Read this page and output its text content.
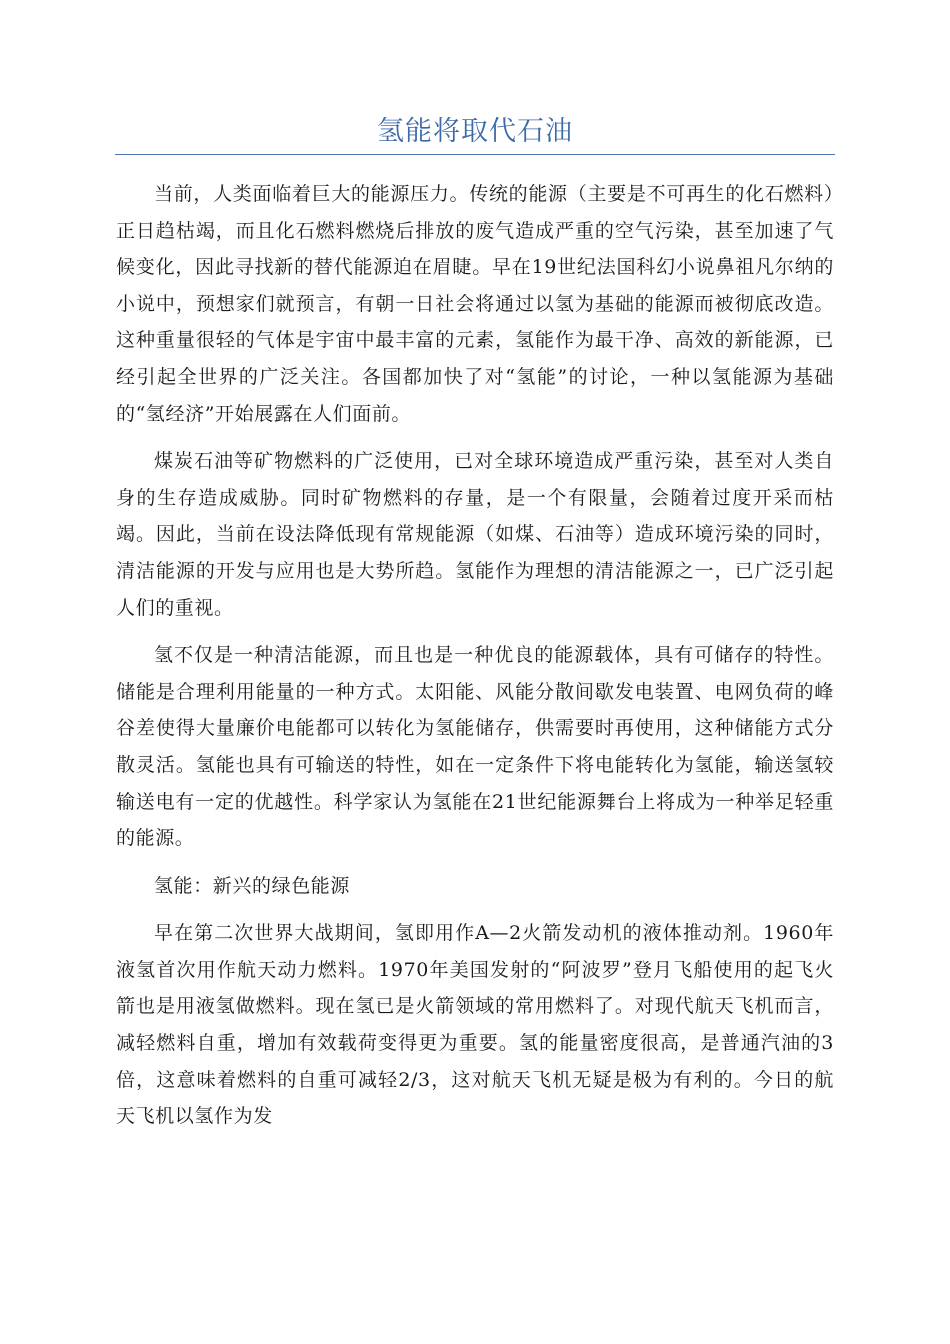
氢能将取代石油

当前，人类面临着巨大的能源压力。传统的能源（主要是不可再生的化石燃料）正日趋枯竭，而且化石燃料燃烧后排放的废气造成严重的空气污染，甚至加速了气候变化，因此寻找新的替代能源迫在眉睫。早在19世纪法国科幻小说鼻祖凡尔纳的小说中，预想家们就预言，有朝一日社会将通过以氢为基础的能源而被彻底改造。这种重量很轻的气体是宇宙中最丰富的元素，氢能作为最干净、高效的新能源，已经引起全世界的广泛关注。各国都加快了对“氢能”的讨论，一种以氢能源为基础的“氢经济”开始展露在人们面前。

煤炭石油等矿物燃料的广泛使用，已对全球环境造成严重污染，甚至对人类自身的生存造成威胁。同时矿物燃料的存量，是一个有限量，会随着过度开采而枯竭。因此，当前在设法降低现有常规能源（如煤、石油等）造成环境污染的同时，清洁能源的开发与应用也是大势所趋。氢能作为理想的清洁能源之一，已广泛引起人们的重视。

氢不仅是一种清洁能源，而且也是一种优良的能源载体，具有可储存的特性。储能是合理利用能量的一种方式。太阳能、风能分散间歇发电装置、电网负荷的峰谷差使得大量廉价电能都可以转化为氢能储存，供需要时再使用，这种储能方式分散灵活。氢能也具有可输送的特性，如在一定条件下将电能转化为氢能，输送氢较输送电有一定的优越性。科学家认为氢能在21世纪能源舞台上将成为一种举足轻重的能源。

氢能：新兴的绿色能源

早在第二次世界大战期间，氢即用作A—2火箭发动机的液体推动剂。1960年液氢首次用作航天动力燃料。1970年美国发射的“阿波罗”登月飞船使用的起飞火箭也是用液氢做燃料。现在氢已是火箭领域的常用燃料了。对现代航天飞机而言，减轻燃料自重，增加有效载荷变得更为重要。氢的能量密度很高，是普通汽油的3倍，这意味着燃料的自重可减轻2/3，这对航天飞机无疑是极为有利的。今日的航天飞机以氢作为发
